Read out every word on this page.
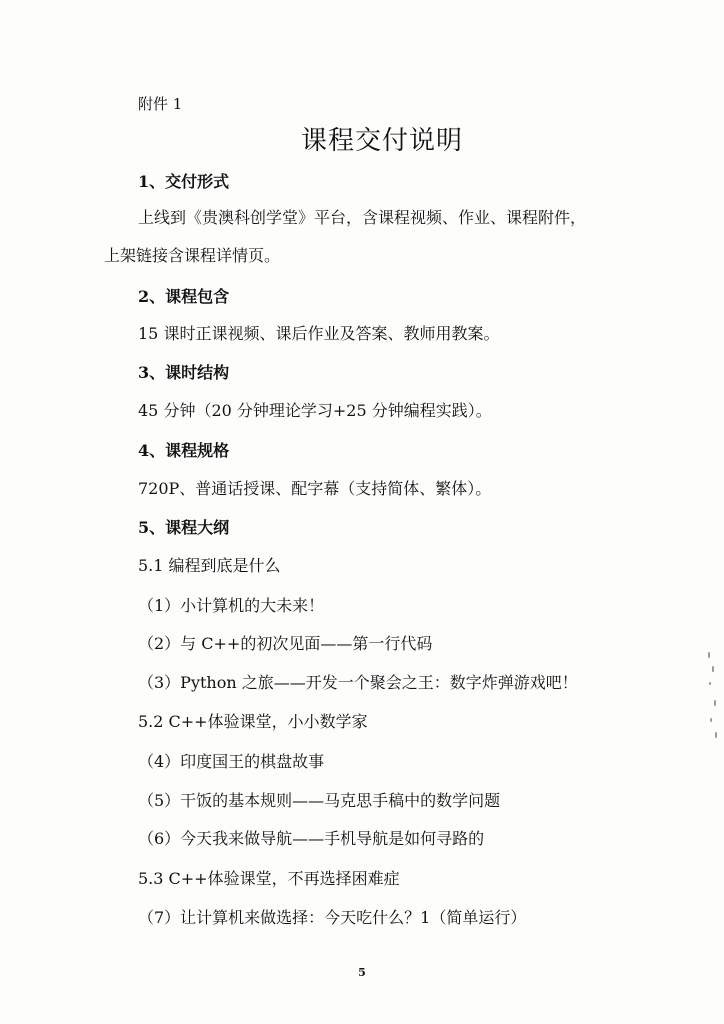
附件 1
课程交付说明
1、交付形式
上线到《贵澳科创学堂》平台，含课程视频、作业、课程附件，
上架链接含课程详情页。
2、课程包含
15 课时正课视频、课后作业及答案、教师用教案。
3、课时结构
45 分钟（20 分钟理论学习+25 分钟编程实践）。
4、课程规格
720P、普通话授课、配字幕（支持简体、繁体）。
5、课程大纲
5.1 编程到底是什么
（1）小计算机的大未来！
（2）与 C++的初次见面——第一行代码
（3）Python 之旅——开发一个聚会之王：数字炸弹游戏吧！
5.2 C++体验课堂，小小数学家
（4）印度国王的棋盘故事
（5）干饭的基本规则——马克思手稿中的数学问题
（6）今天我来做导航——手机导航是如何寻路的
5.3 C++体验课堂，不再选择困难症
（7）让计算机来做选择：今天吃什么？1（简单运行）
5
